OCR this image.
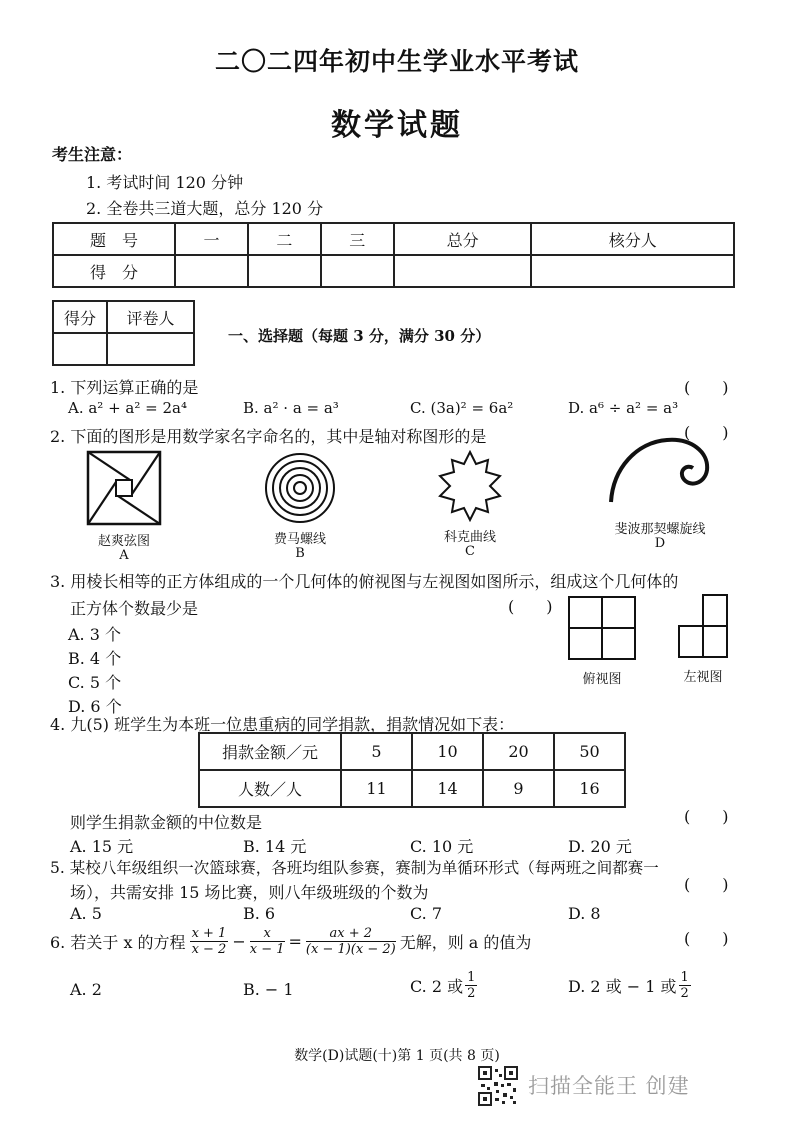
二〇二四年初中生学业水平考试
数学试题
考生注意：
1. 考试时间 120 分钟
2. 全卷共三道大题，总分 120 分
题　号	一	二	三	总分	核分人
得　分					
得分	评卷人

一、选择题（每题 3 分，满分 30 分）
1. 下列运算正确的是	(　　)
A. a² + a² = 2a⁴	B. a² · a = a³	C. (3a)² = 6a²	D. a⁶ ÷ a² = a³
2. 下面的图形是用数学家名字命名的，其中是轴对称图形的是	(　　)
赵爽弦图
A
费马螺线
B
科克曲线
C
斐波那契螺旋线
D
3. 用棱长相等的正方体组成的一个几何体的俯视图与左视图如图所示，组成这个几何体的
正方体个数最少是	(　　)
A. 3 个
B. 4 个
C. 5 个
D. 6 个
俯视图	左视图
4. 九(5) 班学生为本班一位患重病的同学捐款，捐款情况如下表：
捐款金额／元	5	10	20	50
人数／人	11	14	9	16
则学生捐款金额的中位数是	(　　)
A. 15 元	B. 14 元	C. 10 元	D. 20 元
5. 某校八年级组织一次篮球赛，各班均组队参赛，赛制为单循环形式（每两班之间都赛一
场），共需安排 15 场比赛，则八年级班级的个数为	(　　)
A. 5	B. 6	C. 7	D. 8
6. 若关于 x 的方程 $\frac{x + 1}{x - 2} - \frac{x}{x - 1} = \frac{ax + 2}{(x - 1)(x - 2)}$ 无解，则 a 的值为	(　　)
A. 2	B. − 1	C. 2 或 $\frac{1}{2}$	D. 2 或 − 1 或 $\frac{1}{2}$
数学(D)试题(十)第 1 页(共 8 页)
扫描全能王 创建
